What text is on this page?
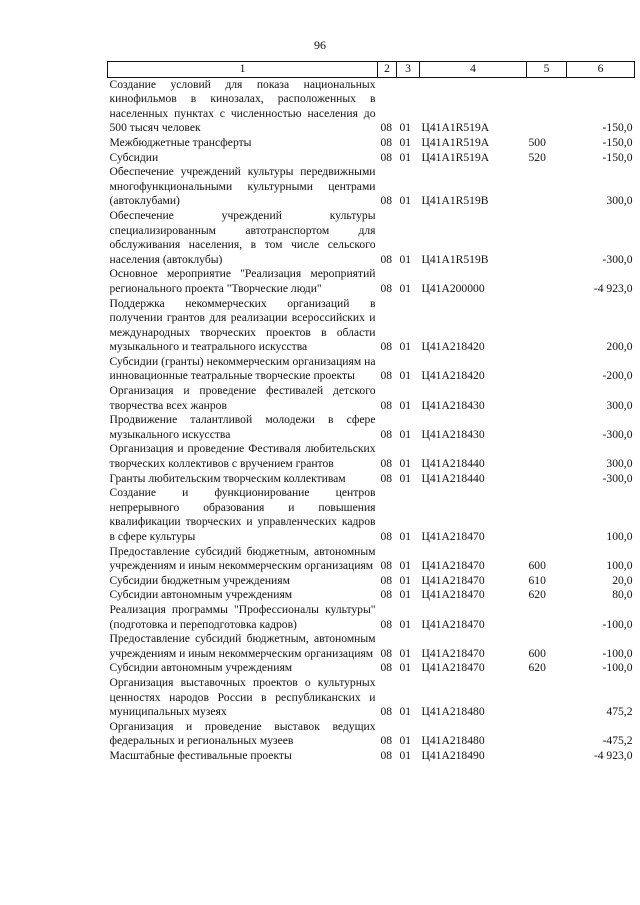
96
1	2	3	4	5	6
Создание условий для показа национальных кинофильмов в кинозалах, расположенных в населенных пунктах с численностью населения до 500 тысяч человек	08	01	Ц41А1R519А		-150,0
Межбюджетные трансферты	08	01	Ц41А1R519А	500	-150,0
Субсидии	08	01	Ц41А1R519А	520	-150,0
Обеспечение учреждений культуры передвижными многофункциональными культурными центрами (автоклубами)	08	01	Ц41А1R519В		300,0
Обеспечение учреждений культуры специализированным автотранспортом для обслуживания населения, в том числе сельского населения (автоклубы)	08	01	Ц41А1R519В		-300,0
Основное мероприятие "Реализация мероприятий регионального проекта "Творческие люди"	08	01	Ц41А200000		-4 923,0
Поддержка некоммерческих организаций в получении грантов для реализации всероссийских и международных творческих проектов в области музыкального и театрального искусства	08	01	Ц41А218420		200,0
Субсидии (гранты) некоммерческим организациям на инновационные театральные творческие проекты	08	01	Ц41А218420		-200,0
Организация и проведение фестивалей детского творчества всех жанров	08	01	Ц41А218430		300,0
Продвижение талантливой молодежи в сфере музыкального искусства	08	01	Ц41А218430		-300,0
Организация и проведение Фестиваля любительских творческих коллективов с вручением грантов	08	01	Ц41А218440		300,0
Гранты любительским творческим коллективам	08	01	Ц41А218440		-300,0
Создание и функционирование центров непрерывного образования и повышения квалификации творческих и управленческих кадров в сфере культуры	08	01	Ц41А218470		100,0
Предоставление субсидий бюджетным, автономным учреждениям и иным некоммерческим организациям	08	01	Ц41А218470	600	100,0
Субсидии бюджетным учреждениям	08	01	Ц41А218470	610	20,0
Субсидии автономным учреждениям	08	01	Ц41А218470	620	80,0
Реализация программы "Профессионалы культуры" (подготовка и переподготовка кадров)	08	01	Ц41А218470		-100,0
Предоставление субсидий бюджетным, автономным учреждениям и иным некоммерческим организациям	08	01	Ц41А218470	600	-100,0
Субсидии автономным учреждениям	08	01	Ц41А218470	620	-100,0
Организация выставочных проектов о культурных ценностях народов России в республиканских и муниципальных музеях	08	01	Ц41А218480		475,2
Организация и проведение выставок ведущих федеральных и региональных музеев	08	01	Ц41А218480		-475,2
Масштабные фестивальные проекты	08	01	Ц41А218490		-4 923,0
